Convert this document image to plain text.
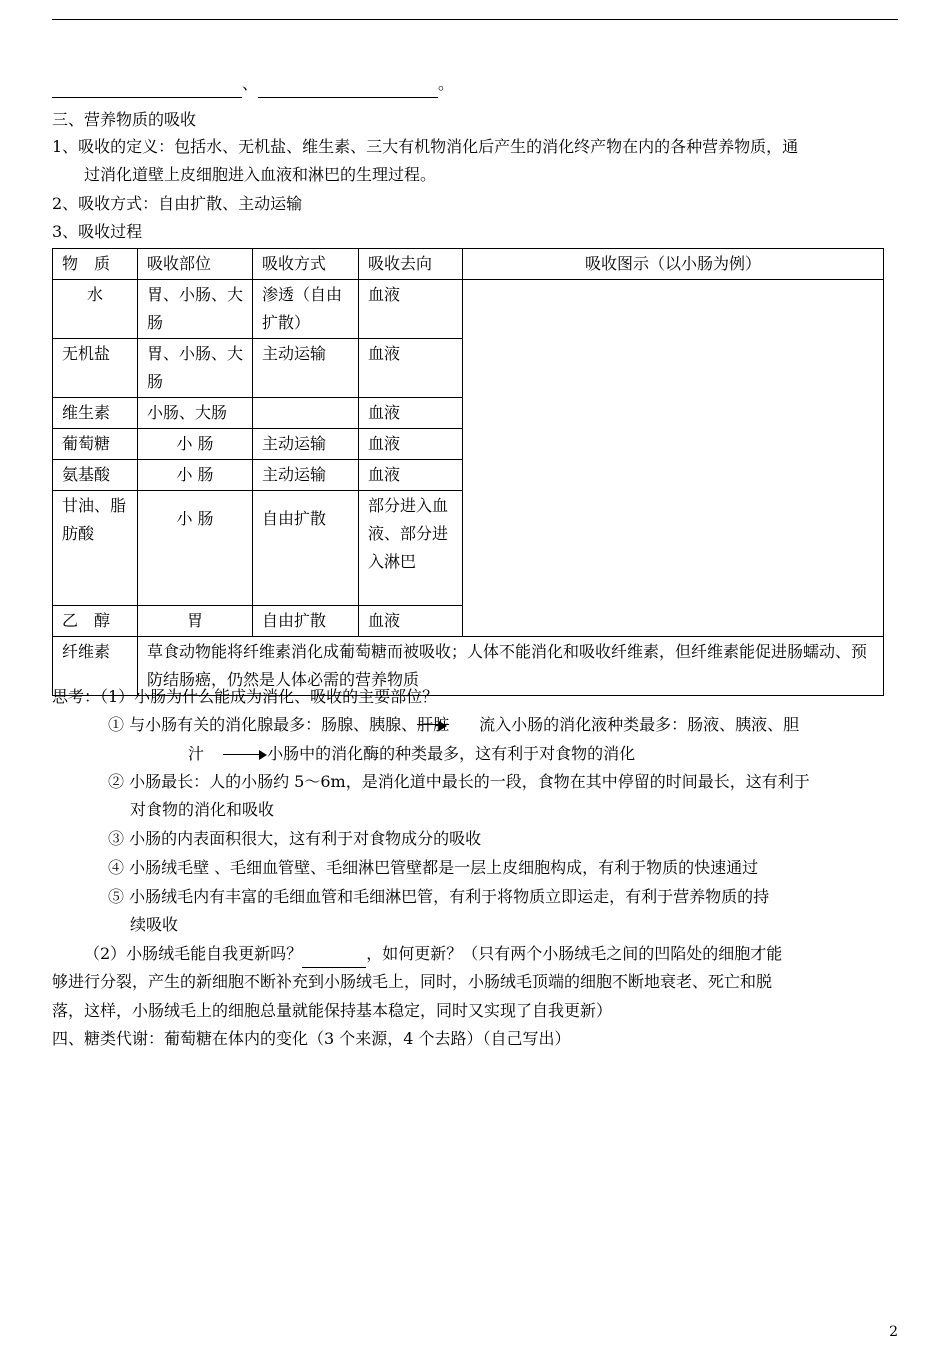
、	。
三、营养物质的吸收
1、吸收的定义：包括水、无机盐、维生素、三大有机物消化后产生的消化终产物在内的各种营养物质，通
过消化道壁上皮细胞进入血液和淋巴的生理过程。
2、吸收方式：自由扩散、主动运输
3、吸收过程
物　质	吸收部位	吸收方式	吸收去向	吸收图示（以小肠为例）
水	胃、小肠、大肠	渗透（自由扩散）	血液	
无机盐	胃、小肠、大肠	主动运输	血液	
维生素	小肠、大肠		血液	
葡萄糖	小 肠	主动运输	血液	
氨基酸	小 肠	主动运输	血液	
甘油、脂肪酸	小 肠	自由扩散	部分进入血液、部分进入淋巴	
乙　醇	胃	自由扩散	血液	
纤维素	草食动物能将纤维素消化成葡萄糖而被吸收；人体不能消化和吸收纤维素，但纤维素能促进肠蠕动、预防结肠癌，仍然是人体必需的营养物质			
思考：（1）小肠为什么能成为消化、吸收的主要部位？
① 与小肠有关的消化腺最多：肠腺、胰腺、肝脏　　流入小肠的消化液种类最多：肠液、胰液、胆
汁	小肠中的消化酶的种类最多，这有利于对食物的消化
② 小肠最长：人的小肠约 5～6m，是消化道中最长的一段，食物在其中停留的时间最长，这有利于
对食物的消化和吸收
③ 小肠的内表面积很大，这有利于对食物成分的吸收
④ 小肠绒毛壁 、毛细血管壁、毛细淋巴管壁都是一层上皮细胞构成，有利于物质的快速通过
⑤ 小肠绒毛内有丰富的毛细血管和毛细淋巴管，有利于将物质立即运走，有利于营养物质的持
续吸收
（2）小肠绒毛能自我更新吗？	，如何更新？（只有两个小肠绒毛之间的凹陷处的细胞才能
够进行分裂，产生的新细胞不断补充到小肠绒毛上，同时，小肠绒毛顶端的细胞不断地衰老、死亡和脱
落，这样，小肠绒毛上的细胞总量就能保持基本稳定，同时又实现了自我更新）
四、糖类代谢：葡萄糖在体内的变化（3 个来源，4 个去路）（自己写出）
2
